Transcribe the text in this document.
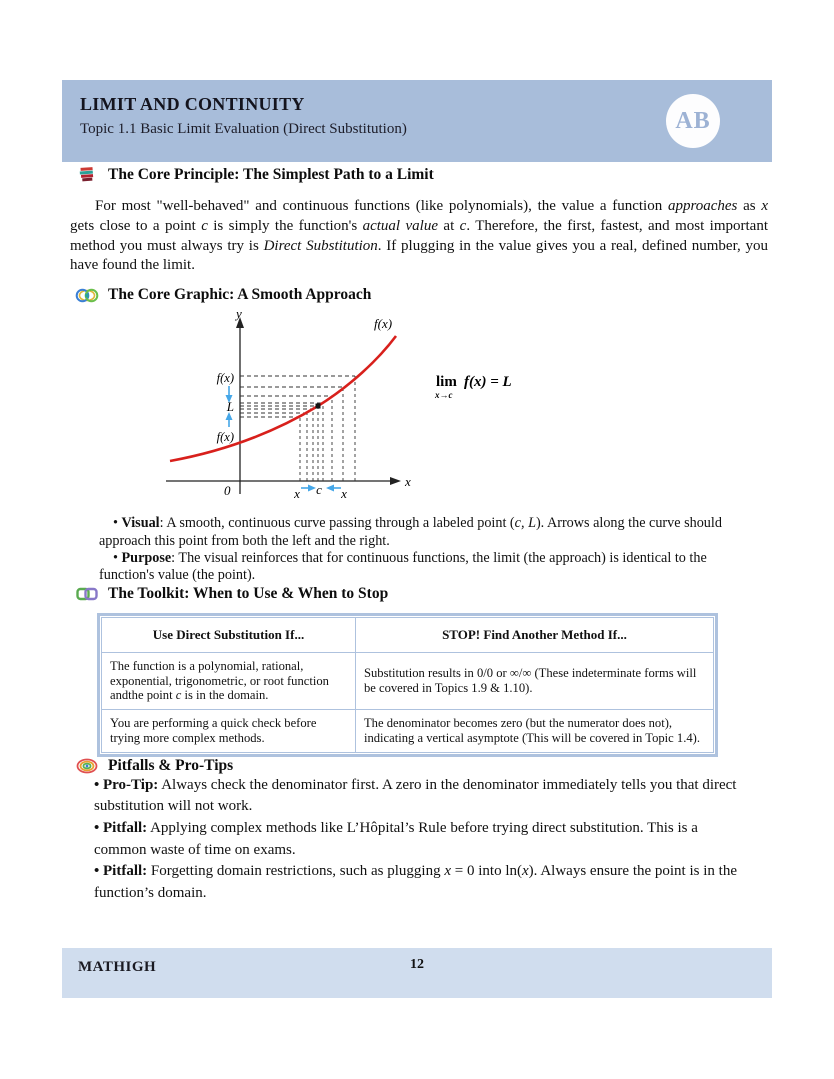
LIMIT AND CONTINUITY
Topic 1.1 Basic Limit Evaluation (Direct Substitution)	AB
The Core Principle: The Simplest Path to a Limit

For most "well-behaved" and continuous functions (like polynomials), the value a function approaches as x gets close to a point c is simply the function's actual value at c. Therefore, the first, fastest, and most important method you must always try is Direct Substitution. If plugging in the value gives you a real, defined number, you have found the limit.

The Core Graphic: A Smooth Approach
y
x
0
f(x)
f(x)
L
f(x)
x c x
lim
x→c
f(x) = L

• Visual: A smooth, continuous curve passing through a labeled point (c, L). Arrows along the curve should approach this point from both the left and the right.

• Purpose: The visual reinforces that for continuous functions, the limit (the approach) is identical to the function's value (the point).

The Toolkit: When to Use & When to Stop
Use Direct Substitution If...	STOP! Find Another Method If...
The function is a polynomial, rational, exponential, trigonometric, or root function andthe point c is in the domain.	Substitution results in 0/0 or ∞/∞ (These indeterminate forms will be covered in Topics 1.9 & 1.10).
You are performing a quick check before trying more complex methods.	The denominator becomes zero (but the numerator does not), indicating a vertical asymptote (This will be covered in Topic 1.4).
Pitfalls & Pro-Tips

• Pro-Tip: Always check the denominator first. A zero in the denominator immediately tells you that direct substitution will not work.

• Pitfall: Applying complex methods like L’Hôpital’s Rule before trying direct substitution. This is a common waste of time on exams.

• Pitfall: Forgetting domain restrictions, such as plugging x = 0 into ln(x). Always ensure the point is in the function’s domain.

MATHIGH	12
